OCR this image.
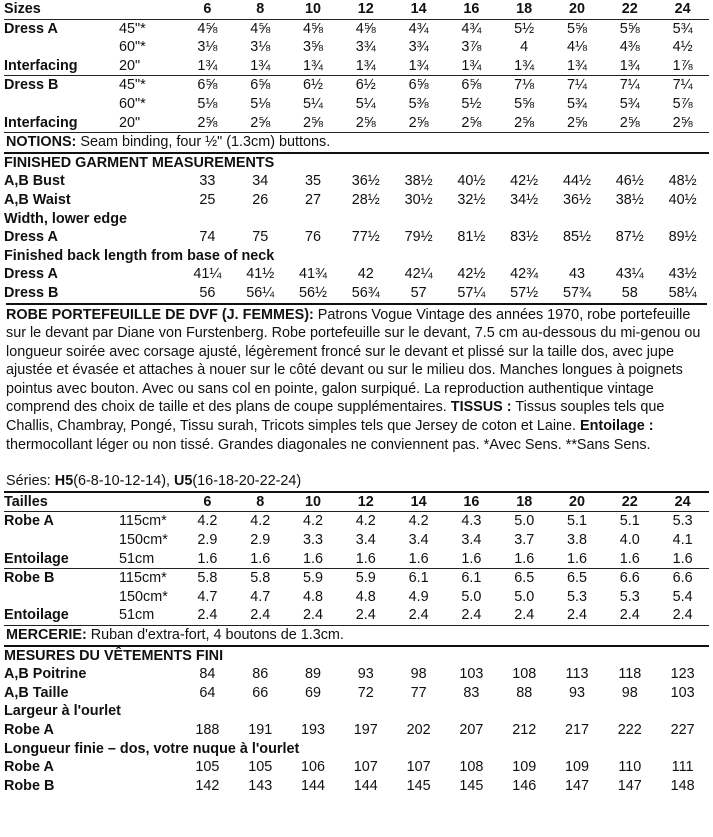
Sizes		6	8	10	12	14	16	18	20	22	24
Dress A	45"*	4⅝	4⅝	4⅝	4⅝	4¾	4¾	5½	5⅝	5⅝	5¾
	60"*	3⅛	3⅛	3⅝	3¾	3¾	3⅞	4	4⅛	4⅜	4½
Interfacing	20"	1¾	1¾	1¾	1¾	1¾	1¾	1¾	1¾	1¾	1⅞
Dress B	45"*	6⅝	6⅝	6½	6½	6⅝	6⅝	7⅛	7¼	7¼	7¼
	60"*	5⅛	5⅛	5¼	5¼	5⅜	5½	5⅝	5¾	5¾	5⅞
Interfacing	20"	2⅝	2⅝	2⅝	2⅝	2⅝	2⅝	2⅝	2⅝	2⅝	2⅝
NOTIONS: Seam binding, four ½" (1.3cm) buttons.											
FINISHED GARMENT MEASUREMENTS											
A,B Bust		33	34	35	36½	38½	40½	42½	44½	46½	48½
A,B Waist		25	26	27	28½	30½	32½	34½	36½	38½	40½
Width, lower edge											
Dress A		74	75	76	77½	79½	81½	83½	85½	87½	89½
Finished back length from base of neck											
Dress A		41¼	41½	41¾	42	42¼	42½	42¾	43	43¼	43½
Dress B		56	56¼	56½	56¾	57	57¼	57½	57¾	58	58¼
ROBE PORTEFEUILLE DE DVF (J. FEMMES): Patrons Vogue Vintage des années 1970, robe portefeuille sur le devant par Diane von Furstenberg. Robe portefeuille sur le devant, 7.5 cm au-dessous du mi-genou ou longueur soirée avec corsage ajusté, légèrement froncé sur le devant et plissé sur la taille dos, avec jupe ajustée et évasée et attaches à nouer sur le côté devant ou sur le milieu dos. Manches longues à poignets pointus avec bouton. Avec ou sans col en pointe, galon surpiqué. La reproduction authentique vintage comprend des choix de taille et des plans de coupe supplémentaires. TISSUS : Tissus souples tels que Challis, Chambray, Pongé, Tissu surah, Tricots simples tels que Jersey de coton et Laine. Entoilage : thermocollant léger ou non tissé. Grandes diagonales ne conviennent pas. *Avec Sens. **Sans Sens.
Séries: H5(6-8-10-12-14), U5(16-18-20-22-24)
Tailles		6	8	10	12	14	16	18	20	22	24
Robe A	115cm*	4.2	4.2	4.2	4.2	4.2	4.3	5.0	5.1	5.1	5.3
	150cm*	2.9	2.9	3.3	3.4	3.4	3.4	3.7	3.8	4.0	4.1
Entoilage	51cm	1.6	1.6	1.6	1.6	1.6	1.6	1.6	1.6	1.6	1.6
Robe B	115cm*	5.8	5.8	5.9	5.9	6.1	6.1	6.5	6.5	6.6	6.6
	150cm*	4.7	4.7	4.8	4.8	4.9	5.0	5.0	5.3	5.3	5.4
Entoilage	51cm	2.4	2.4	2.4	2.4	2.4	2.4	2.4	2.4	2.4	2.4
MERCERIE: Ruban d'extra-fort, 4 boutons de 1.3cm.											
MESURES DU VÊTEMENTS FINI											
A,B Poitrine		84	86	89	93	98	103	108	113	118	123
A,B Taille		64	66	69	72	77	83	88	93	98	103
Largeur à l'ourlet											
Robe A		188	191	193	197	202	207	212	217	222	227
Longueur finie – dos, votre nuque à l'ourlet											
Robe A		105	105	106	107	107	108	109	109	110	111
Robe B		142	143	144	144	145	145	146	147	147	148
